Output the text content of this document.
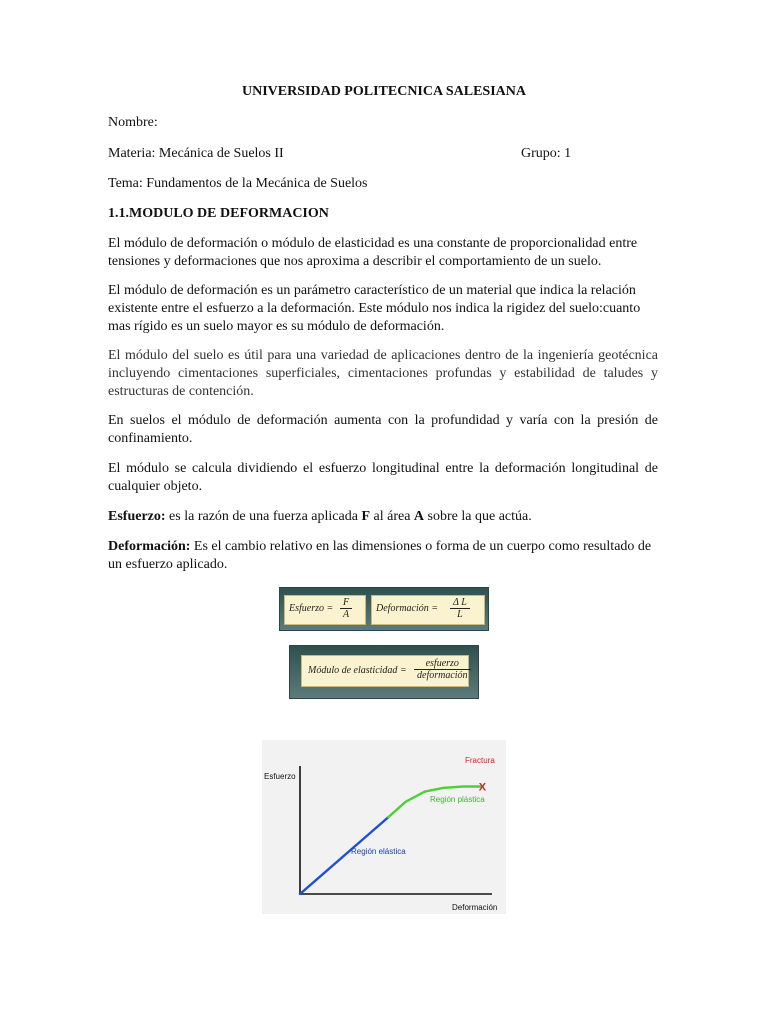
UNIVERSIDAD POLITECNICA SALESIANA
Nombre:
Materia: Mecánica de Suelos II	Grupo: 1
Tema: Fundamentos de la Mecánica de Suelos
1.1.MODULO DE DEFORMACION
El módulo de deformación o módulo de elasticidad es una constante de proporcionalidad entre tensiones y deformaciones que nos aproxima a describir el comportamiento de un suelo.
El módulo de deformación es un parámetro característico de un material que indica la relación existente entre el esfuerzo a la deformación. Este módulo nos indica la rigidez del suelo:cuanto mas rígido es un suelo mayor es su módulo de deformación.
El módulo del suelo es útil para una variedad de aplicaciones dentro de la ingeniería geotécnica incluyendo cimentaciones superficiales, cimentaciones profundas y estabilidad de taludes y estructuras de contención.
En suelos el módulo de deformación aumenta con la profundidad y varía con la presión de confinamiento.
El módulo se calcula dividiendo el esfuerzo longitudinal entre la deformación longitudinal de cualquier objeto.
Esfuerzo: es la razón de una fuerza aplicada F al área A sobre la que actúa.
Deformación: Es el cambio relativo en las dimensiones o forma de un cuerpo como resultado de un esfuerzo aplicado.
Esfuerzo = $\frac{F}{A}$ Deformación = $\frac{\text{Δ L}}{L}$
Módulo de elasticidad =
esfuerzo
deformación
Esfuerzo
Deformación
Región elástica
Región plástica
Fractura
X
